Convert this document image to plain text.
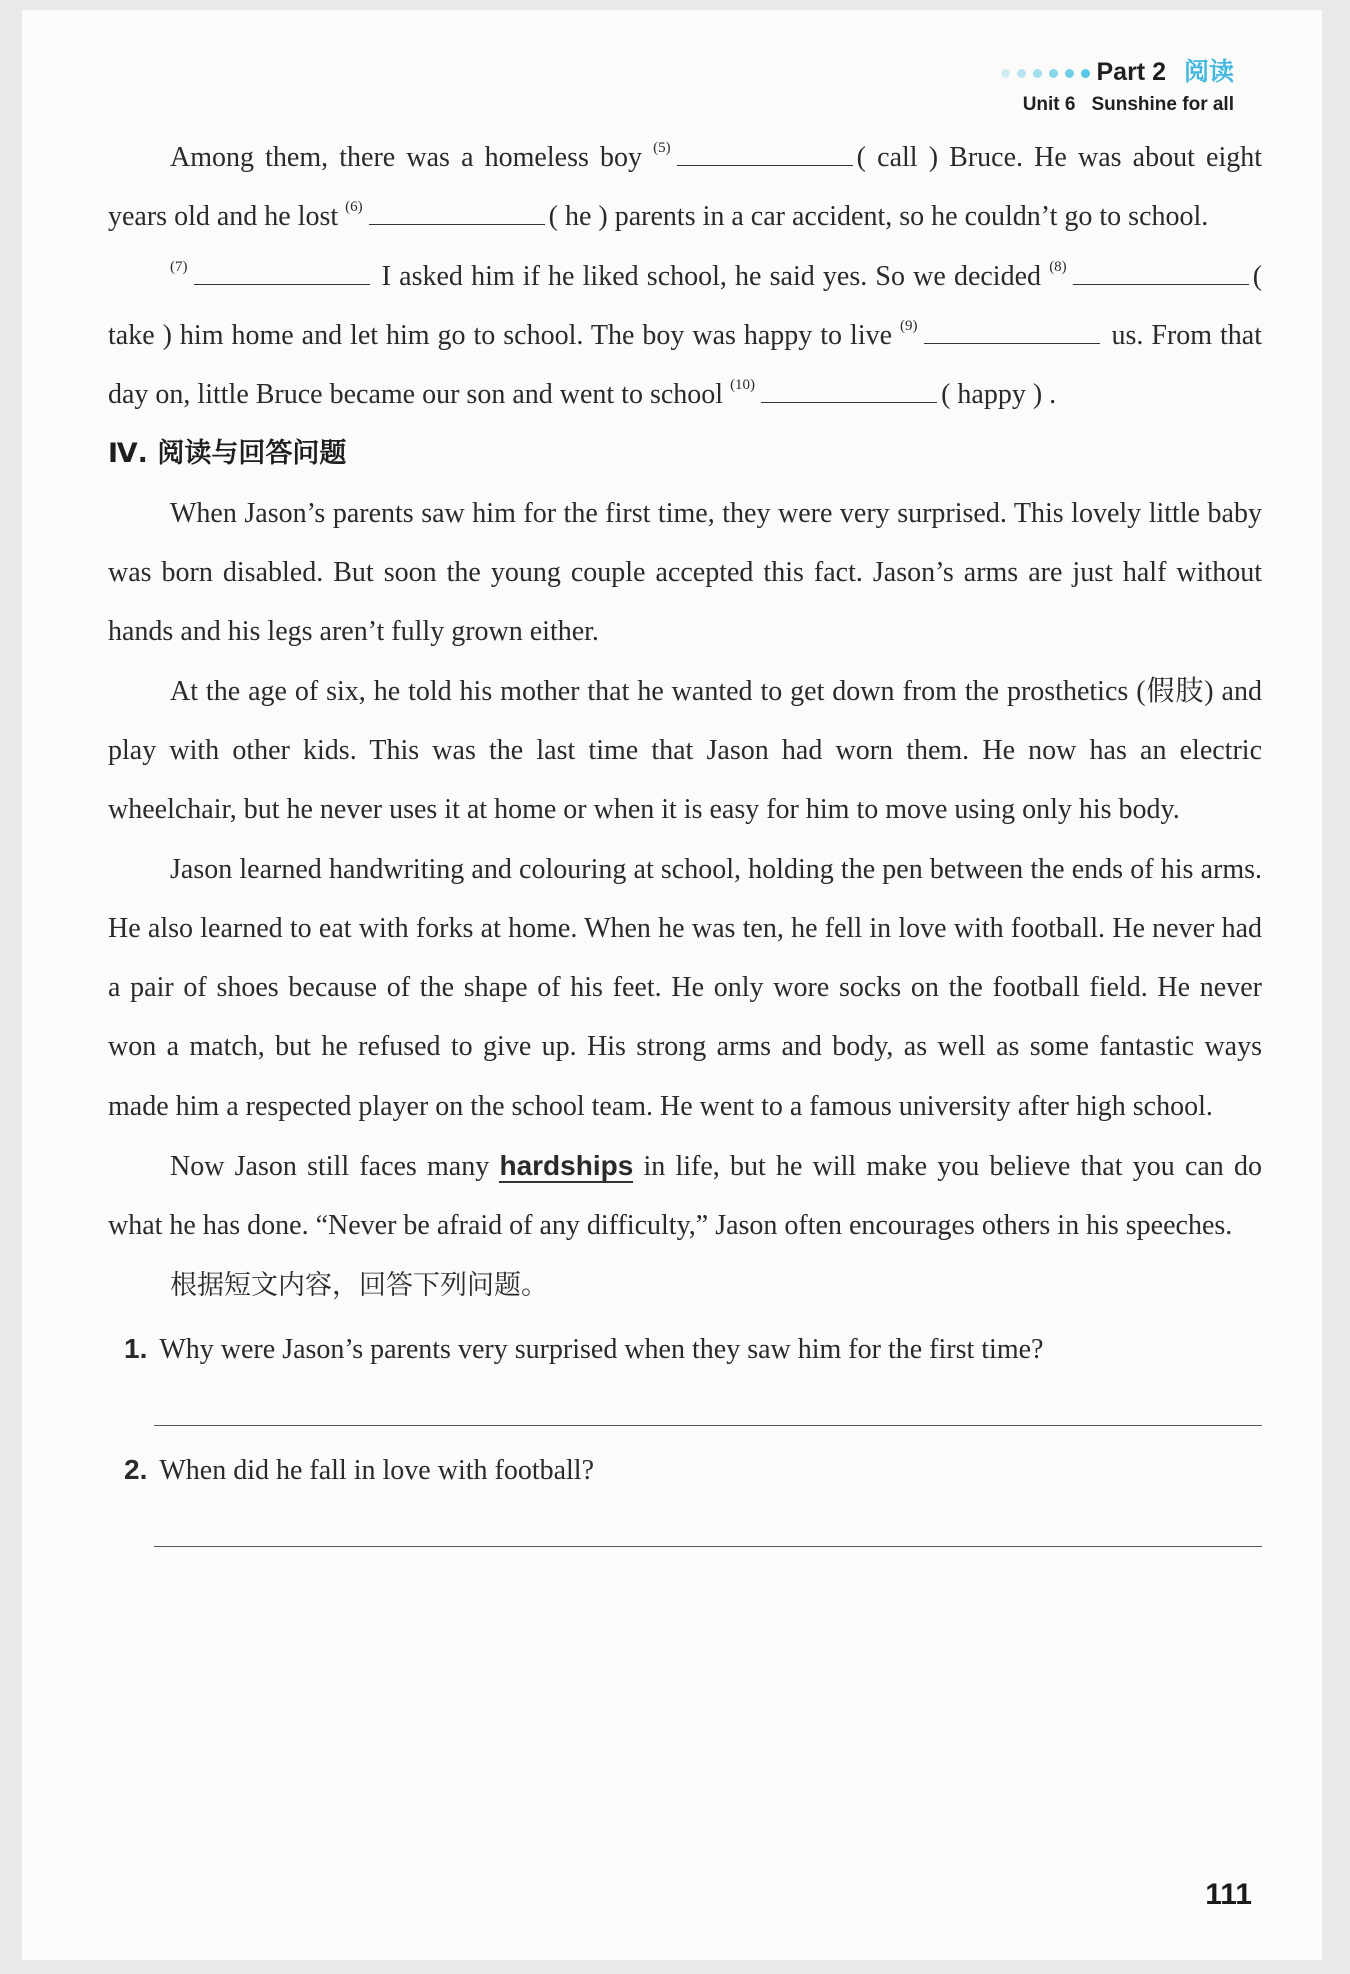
Part 2 阅读
Unit 6 Sunshine for all

Among them, there was a homeless boy $^{(5)}$	( call ) Bruce. He was about eight years old and he lost $^{(6)}$	( he ) parents in a car accident, so he couldn’t go to school.

$^{(7)}$	I asked him if he liked school, he said yes. So we decided $^{(8)}$	( take ) him home and let him go to school. The boy was happy to live $^{(9)}$	us. From that day on, little Bruce became our son and went to school $^{(10)}$	( happy ) .

Ⅳ. 阅读与回答问题

When Jason’s parents saw him for the first time, they were very surprised. This lovely little baby was born disabled. But soon the young couple accepted this fact. Jason’s arms are just half without hands and his legs aren’t fully grown either.

At the age of six, he told his mother that he wanted to get down from the prosthetics (假肢) and play with other kids. This was the last time that Jason had worn them. He now has an electric wheelchair, but he never uses it at home or when it is easy for him to move using only his body.

Jason learned handwriting and colouring at school, holding the pen between the ends of his arms. He also learned to eat with forks at home. When he was ten, he fell in love with football. He never had a pair of shoes because of the shape of his feet. He only wore socks on the football field. He never won a match, but he refused to give up. His strong arms and body, as well as some fantastic ways made him a respected player on the school team. He went to a famous university after high school.

Now Jason still faces many hardships in life, but he will make you believe that you can do what he has done. “Never be afraid of any difficulty,” Jason often encourages others in his speeches.

根据短文内容，回答下列问题。

1. Why were Jason’s parents very surprised when they saw him for the first time?

2. When did he fall in love with football?

111
